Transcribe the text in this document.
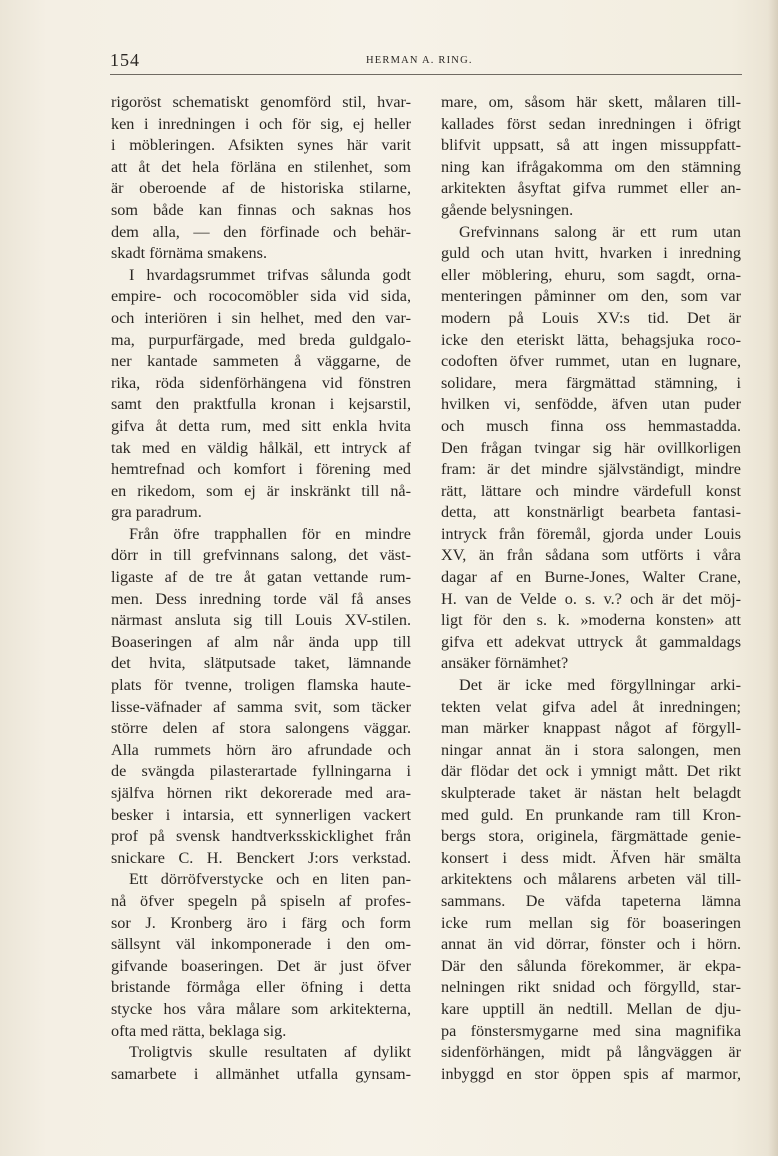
154	HERMAN A. RING.
rigoröst schematiskt genomförd stil, hvar-
ken i inredningen i och för sig, ej heller
i möbleringen. Afsikten synes här varit
att åt det hela förläna en stilenhet, som
är oberoende af de historiska stilarne,
som både kan finnas och saknas hos
dem alla, — den förfinade och behär-
skadt förnäma smakens.
I hvardagsrummet trifvas sålunda godt
empire- och rococomöbler sida vid sida,
och interiören i sin helhet, med den var-
ma, purpurfärgade, med breda guldgalo-
ner kantade sammeten å väggarne, de
rika, röda sidenförhängena vid fönstren
samt den praktfulla kronan i kejsarstil,
gifva åt detta rum, med sitt enkla hvita
tak med en väldig hålkäl, ett intryck af
hemtrefnad och komfort i förening med
en rikedom, som ej är inskränkt till nå-
gra paradrum.
Från öfre trapphallen för en mindre
dörr in till grefvinnans salong, det väst-
ligaste af de tre åt gatan vettande rum-
men. Dess inredning torde väl få anses
närmast ansluta sig till Louis XV-stilen.
Boaseringen af alm når ända upp till
det hvita, slätputsade taket, lämnande
plats för tvenne, troligen flamska haute-
lisse-väfnader af samma svit, som täcker
större delen af stora salongens väggar.
Alla rummets hörn äro afrundade och
de svängda pilasterartade fyllningarna i
själfva hörnen rikt dekorerade med ara-
besker i intarsia, ett synnerligen vackert
prof på svensk handtverksskicklighet från
snickare C. H. Benckert J:ors verkstad.
Ett dörröfverstycke och en liten pan-
nå öfver spegeln på spiseln af profes-
sor J. Kronberg äro i färg och form
sällsynt väl inkomponerade i den om-
gifvande boaseringen. Det är just öfver
bristande förmåga eller öfning i detta
stycke hos våra målare som arkitekterna,
ofta med rätta, beklaga sig.
Troligtvis skulle resultaten af dylikt
samarbete i allmänhet utfalla gynsam-
mare, om, såsom här skett, målaren till-
kallades först sedan inredningen i öfrigt
blifvit uppsatt, så att ingen missuppfatt-
ning kan ifrågakomma om den stämning
arkitekten åsyftat gifva rummet eller an-
gående belysningen.
Grefvinnans salong är ett rum utan
guld och utan hvitt, hvarken i inredning
eller möblering, ehuru, som sagdt, orna-
menteringen påminner om den, som var
modern på Louis XV:s tid. Det är
icke den eteriskt lätta, behagsjuka roco-
codoften öfver rummet, utan en lugnare,
solidare, mera färgmättad stämning, i
hvilken vi, senfödde, äfven utan puder
och musch finna oss hemmastadda.
Den frågan tvingar sig här ovillkorligen
fram: är det mindre självständigt, mindre
rätt, lättare och mindre värdefull konst
detta, att konstnärligt bearbeta fantasi-
intryck från föremål, gjorda under Louis
XV, än från sådana som utförts i våra
dagar af en Burne-Jones, Walter Crane,
H. van de Velde o. s. v.? och är det möj-
ligt för den s. k. »moderna konsten» att
gifva ett adekvat uttryck åt gammaldags
ansäker förnämhet?
Det är icke med förgyllningar arki-
tekten velat gifva adel åt inredningen;
man märker knappast något af förgyll-
ningar annat än i stora salongen, men
där flödar det ock i ymnigt mått. Det rikt
skulpterade taket är nästan helt belagdt
med guld. En prunkande ram till Kron-
bergs stora, originela, färgmättade genie-
konsert i dess midt. Äfven här smälta
arkitektens och målarens arbeten väl till-
sammans. De väfda tapeterna lämna
icke rum mellan sig för boaseringen
annat än vid dörrar, fönster och i hörn.
Där den sålunda förekommer, är ekpa-
nelningen rikt snidad och förgylld, star-
kare upptill än nedtill. Mellan de dju-
pa fönstersmygarne med sina magnifika
sidenförhängen, midt på långväggen är
inbyggd en stor öppen spis af marmor,
